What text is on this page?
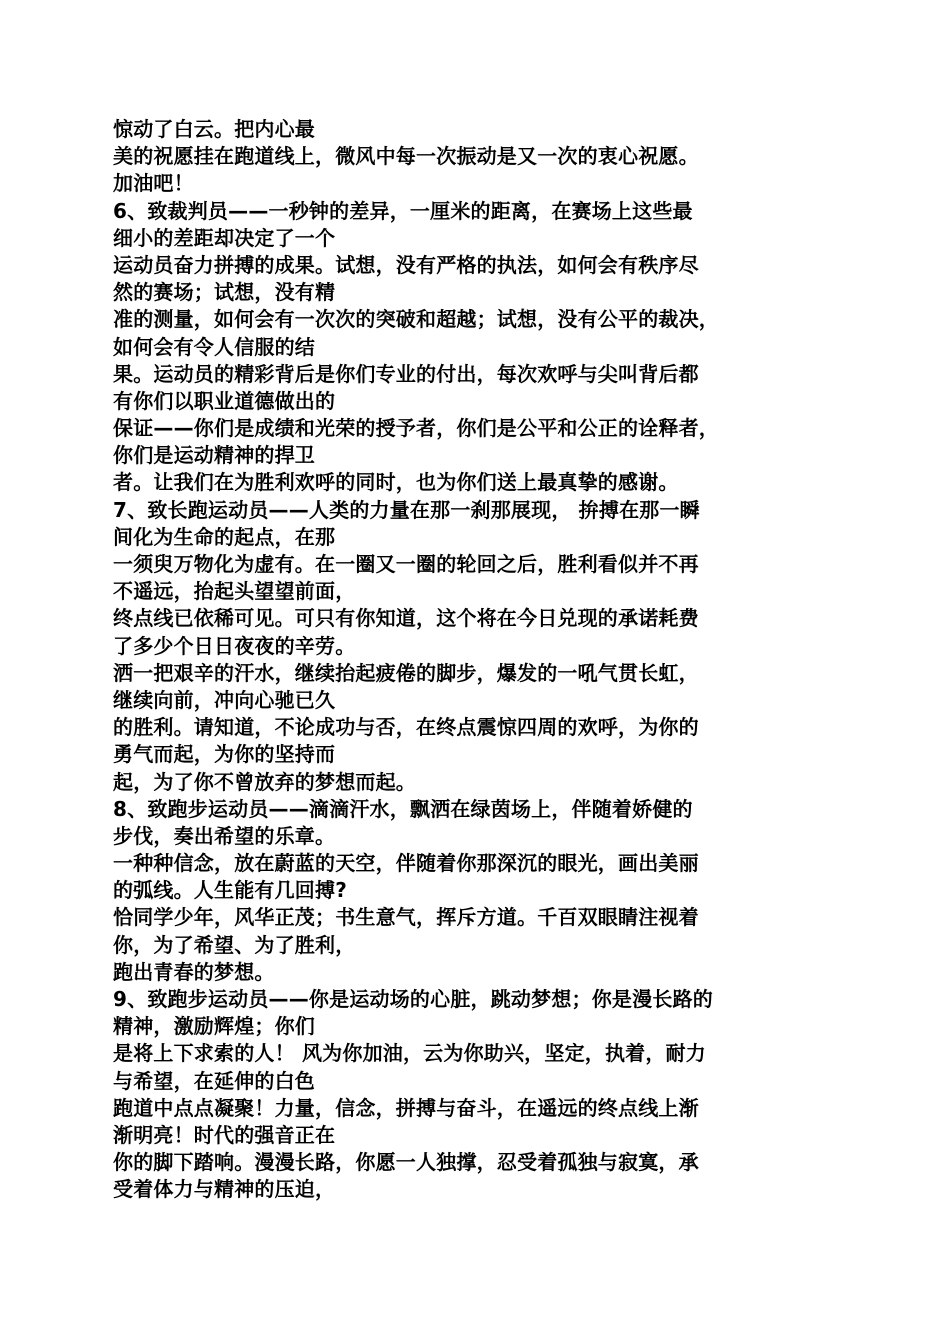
惊动了白云。把内心最
美的祝愿挂在跑道线上，微风中每一次振动是又一次的衷心祝愿。
加油吧！
6、致裁判员——一秒钟的差异，一厘米的距离，在赛场上这些最
细小的差距却决定了一个
运动员奋力拼搏的成果。试想，没有严格的执法，如何会有秩序尽
然的赛场；试想，没有精
准的测量，如何会有一次次的突破和超越；试想，没有公平的裁决，
如何会有令人信服的结
果。运动员的精彩背后是你们专业的付出，每次欢呼与尖叫背后都
有你们以职业道德做出的
保证——你们是成绩和光荣的授予者，你们是公平和公正的诠释者，
你们是运动精神的捍卫
者。让我们在为胜利欢呼的同时，也为你们送上最真挚的感谢。
7、致长跑运动员——人类的力量在那一刹那展现， 拚搏在那一瞬
间化为生命的起点，在那
一须臾万物化为虚有。在一圈又一圈的轮回之后，胜利看似并不再
不遥远，抬起头望望前面，
终点线已依稀可见。可只有你知道，这个将在今日兑现的承诺耗费
了多少个日日夜夜的辛劳。
洒一把艰辛的汗水，继续抬起疲倦的脚步，爆发的一吼气贯长虹，
继续向前，冲向心驰已久
的胜利。请知道，不论成功与否，在终点震惊四周的欢呼，为你的
勇气而起，为你的坚持而
起，为了你不曾放弃的梦想而起。
8、致跑步运动员——滴滴汗水，飘洒在绿茵场上，伴随着娇健的
步伐，奏出希望的乐章。
一种种信念，放在蔚蓝的天空，伴随着你那深沉的眼光，画出美丽
的弧线。人生能有几回搏?
恰同学少年，风华正茂；书生意气，挥斥方道。千百双眼睛注视着
你，为了希望、为了胜利，
跑出青春的梦想。
9、致跑步运动员——你是运动场的心脏，跳动梦想；你是漫长路的
精神，激励辉煌；你们
是将上下求索的人！ 风为你加油，云为你助兴，坚定，执着，耐力
与希望，在延伸的白色
跑道中点点凝聚！力量，信念，拼搏与奋斗，在遥远的终点线上渐
渐明亮！时代的强音正在
你的脚下踏响。漫漫长路，你愿一人独撑，忍受着孤独与寂寞，承
受着体力与精神的压迫，
